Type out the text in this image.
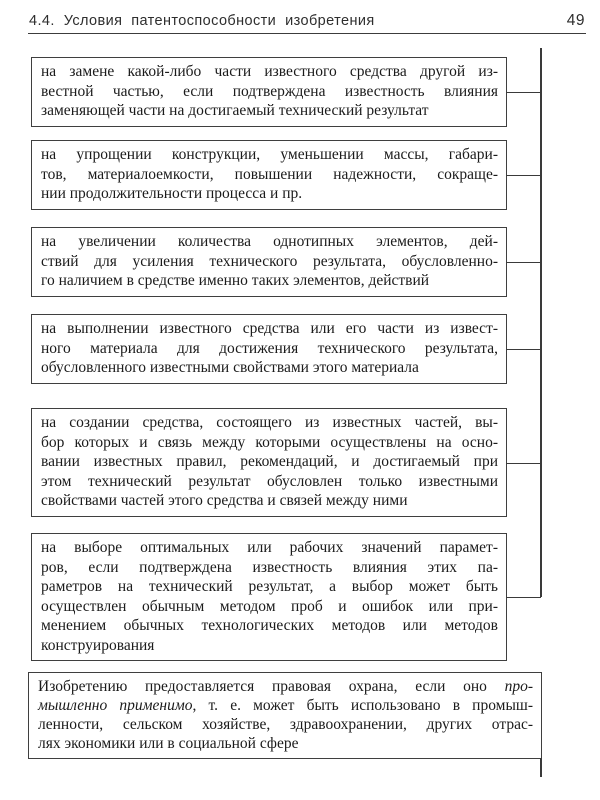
4.4. Условия патентоспособности изобретения	49
на замене какой-либо части известного средства другой из-
вестной частью, если подтверждена известность влияния
заменяющей части на достигаемый технический результат
на упрощении конструкции, уменьшении массы, габари-
тов, материалоемкости, повышении надежности, сокраще-
нии продолжительности процесса и пр.
на увеличении количества однотипных элементов, дей-
ствий для усиления технического результата, обусловленно-
го наличием в средстве именно таких элементов, действий
на выполнении известного средства или его части из извест-
ного материала для достижения технического результата,
обусловленного известными свойствами этого материала
на создании средства, состоящего из известных частей, вы-
бор которых и связь между которыми осуществлены на осно-
вании известных правил, рекомендаций, и достигаемый при
этом технический результат обусловлен только известными
свойствами частей этого средства и связей между ними
на выборе оптимальных или рабочих значений парамет-
ров, если подтверждена известность влияния этих па-
раметров на технический результат, а выбор может быть
осуществлен обычным методом проб и ошибок или при-
менением обычных технологических методов или методов
конструирования
Изобретению предоставляется правовая охрана, если оно про-
мышленно применимо, т. е. может быть использовано в промыш-
ленности, сельском хозяйстве, здравоохранении, других отрас-
лях экономики или в социальной сфере
